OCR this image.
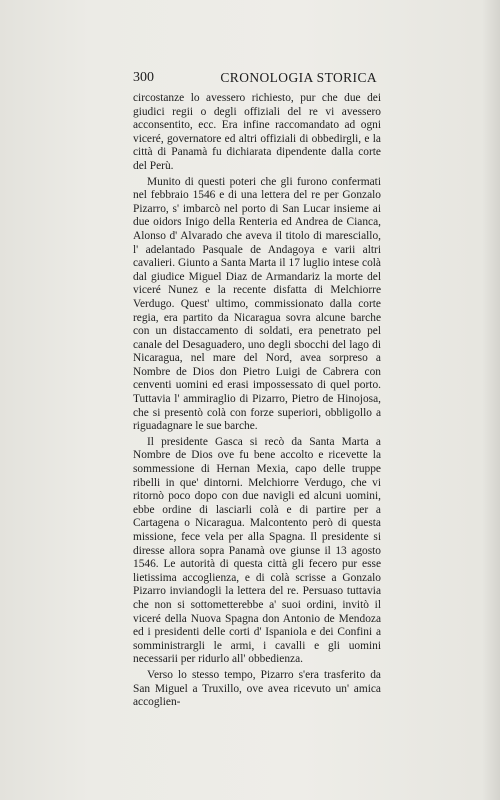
300	CRONOLOGIA STORICA

circostanze lo avessero richiesto, pur che due dei giudici regii o degli offiziali del re vi avessero acconsentito, ecc. Era infine raccomandato ad ogni viceré, governatore ed altri offiziali di obbedirgli, e la città di Panamà fu dichiarata dipendente dalla corte del Perù.

Munito di questi poteri che gli furono confermati nel febbraio 1546 e di una lettera del re per Gonzalo Pizarro, s' imbarcò nel porto di San Lucar insieme ai due oidors Inigo della Renteria ed Andrea de Cianca, Alonso d' Alvarado che aveva il titolo di maresciallo, l' adelantado Pasquale de Andagoya e varii altri cavalieri. Giunto a Santa Marta il 17 luglio intese colà dal giudice Miguel Diaz de Armandariz la morte del viceré Nunez e la recente disfatta di Melchiorre Verdugo. Quest' ultimo, commissionato dalla corte regia, era partito da Nicaragua sovra alcune barche con un distaccamento di soldati, era penetrato pel canale del Desaguadero, uno degli sbocchi del lago di Nicaragua, nel mare del Nord, avea sorpreso a Nombre de Dios don Pietro Luigi de Cabrera con cenventi uomini ed erasi impossessato di quel porto. Tuttavia l' ammiraglio di Pizarro, Pietro de Hinojosa, che si presentò colà con forze superiori, obbligollo a riguadagnare le sue barche.

Il presidente Gasca si recò da Santa Marta a Nombre de Dios ove fu bene accolto e ricevette la sommessione di Hernan Mexia, capo delle truppe ribelli in que' dintorni. Melchiorre Verdugo, che vi ritornò poco dopo con due navigli ed alcuni uomini, ebbe ordine di lasciarli colà e di partire per a Cartagena o Nicaragua. Malcontento però di questa missione, fece vela per alla Spagna. Il presidente si diresse allora sopra Panamà ove giunse il 13 agosto 1546. Le autorità di questa città gli fecero pur esse lietissima accoglienza, e di colà scrisse a Gonzalo Pizarro inviandogli la lettera del re. Persuaso tuttavia che non si sottometterebbe a' suoi ordini, invitò il viceré della Nuova Spagna don Antonio de Mendoza ed i presidenti delle corti d' Ispaniola e dei Confini a somministrargli le armi, i cavalli e gli uomini necessarii per ridurlo all' obbedienza.

Verso lo stesso tempo, Pizarro s'era trasferito da San Miguel a Truxillo, ove avea ricevuto un' amica accoglien-
